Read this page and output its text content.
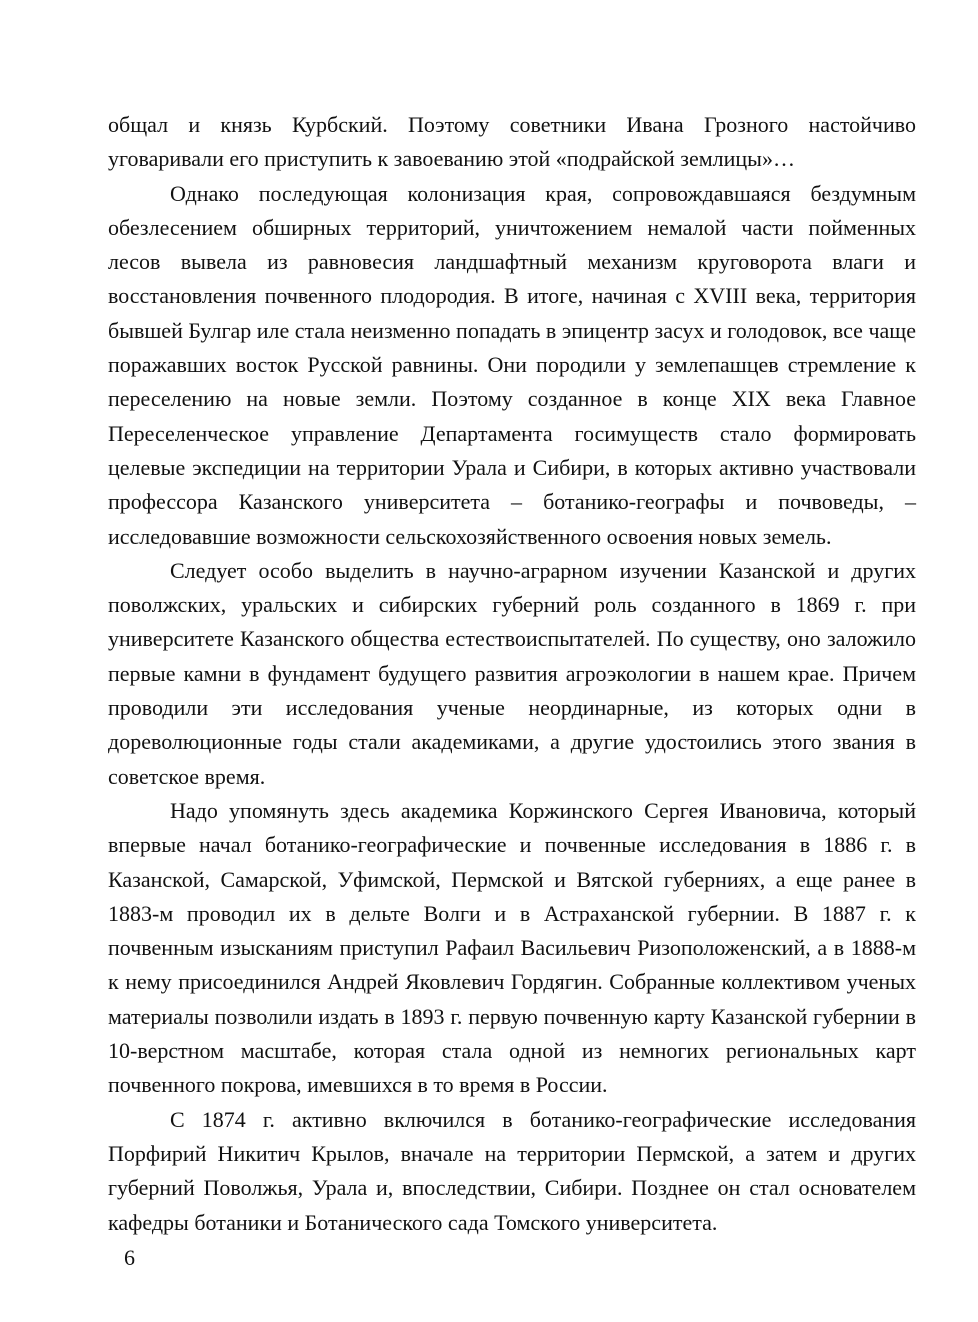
общал и князь Курбский. Поэтому советники Ивана Грозного настойчиво уговаривали его приступить к завоеванию этой «подрайской землицы»…

Однако последующая колонизация края, сопровождавшаяся бездумным обезлесением обширных территорий, уничтожением немалой части пойменных лесов вывела из равновесия ландшафтный механизм круговорота влаги и восстановления почвенного плодородия. В итоге, начиная с XVIII века, территория бывшей Булгар иле стала неизменно попадать в эпицентр засух и голодовок, все чаще поражавших восток Русской равнины. Они породили у землепашцев стремление к переселению на новые земли. Поэтому созданное в конце XIX века Главное Переселенческое управление Департамента госимуществ стало формировать целевые экспедиции на территории Урала и Сибири, в которых активно участвовали профессора Казанского университета – ботанико-географы и почвоведы, – исследовавшие возможности сельскохозяйственного освоения новых земель.

Следует особо выделить в научно-аграрном изучении Казанской и других поволжских, уральских и сибирских губерний роль созданного в 1869 г. при университете Казанского общества естествоиспытателей. По существу, оно заложило первые камни в фундамент будущего развития агроэкологии в нашем крае. Причем проводили эти исследования ученые неординарные, из которых одни в дореволюционные годы стали академиками, а другие удостоились этого звания в советское время.

Надо упомянуть здесь академика Коржинского Сергея Ивановича, который впервые начал ботанико-географические и почвенные исследования в 1886 г. в Казанской, Самарской, Уфимской, Пермской и Вятской губерниях, а еще ранее в 1883-м проводил их в дельте Волги и в Астраханской губернии. В 1887 г. к почвенным изысканиям приступил Рафаил Васильевич Ризоположенский, а в 1888-м к нему присоединился Андрей Яковлевич Гордягин. Собранные коллективом ученых материалы позволили издать в 1893 г. первую почвенную карту Казанской губернии в 10-верстном масштабе, которая стала одной из немногих региональных карт почвенного покрова, имевшихся в то время в России.

С 1874 г. активно включился в ботанико-географические исследования Порфирий Никитич Крылов, вначале на территории Пермской, а затем и других губерний Поволжья, Урала и, впоследствии, Сибири. Позднее он стал основателем кафедры ботаники и Ботанического сада Томского университета.

6
